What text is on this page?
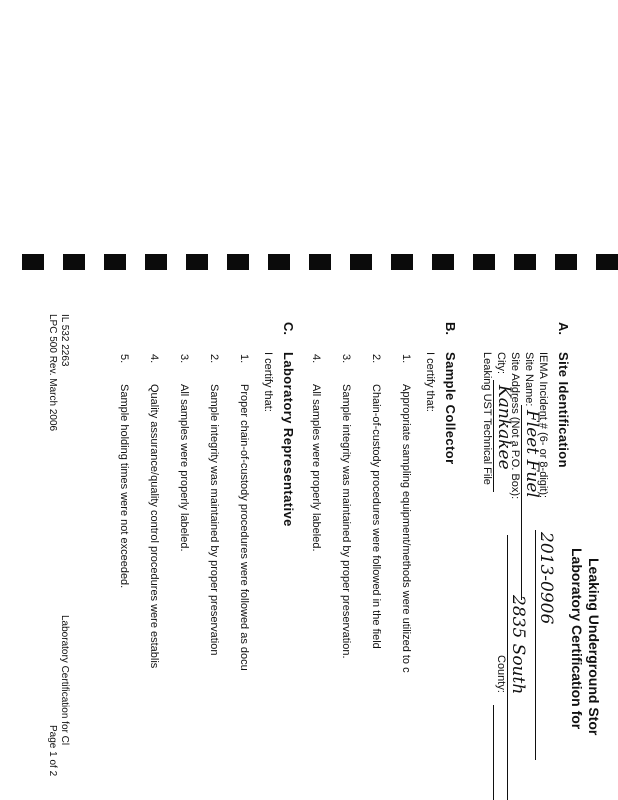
Leaking Underground Stor
Laboratory Certification for
A.
Site Identification
IEMA Incident # (6- or 8-digit):
2013-0906
Site Name:
Fleet Fuel
Site Address (Not a P.O. Box):
2835 South
City:
Kankakee
County:
Leaking UST Technical File
B.
Sample Collector
I certify that:
1.
Appropriate sampling equipment/methods were utilized to c
2.
Chain-of-custody procedures were followed in the field
3.
Sample integrity was maintained by proper preservation.
4.
All samples were properly labeled.
C.
Laboratory Representative
I certify that:
1.
Proper chain-of-custody procedures were followed as docu
2.
Sample integrity was maintained by proper preservation
3.
All samples were properly labeled.
4.
Quality assurance/quality control procedures were establis
5.
Sample holding times were not exceeded.
IL 532 2263
LPC 500 Rev. March 2006
Laboratory Certification for Cl
Page 1 of 2
